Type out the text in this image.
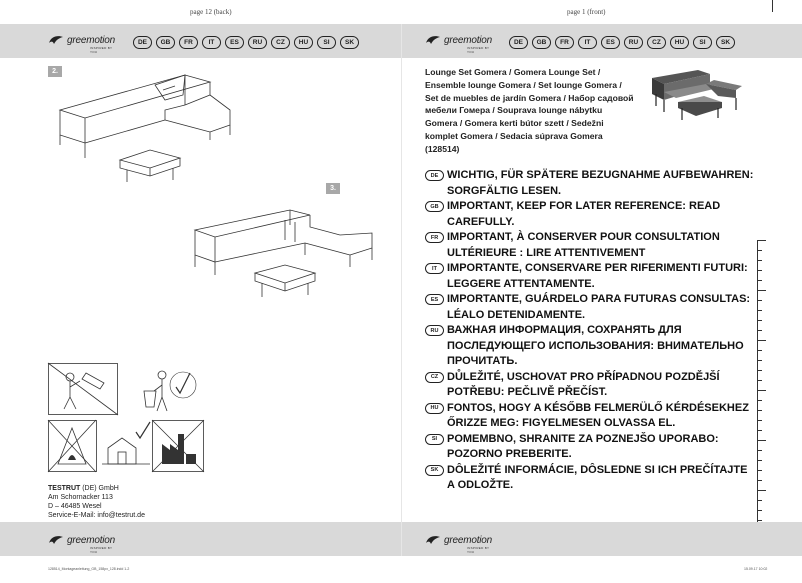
page 12 (back)	page 1 (front)
greemotion
INSPIRED BY YOU
DE	GB	FR	IT	ES	RU	CZ	HU	SI	SK	greemotion
INSPIRED BY YOU
DE	GB	FR	IT	ES	RU	CZ	HU	SI	SK
2.
3.
TESTRUT (DE) GmbH
Am Schornacker 113
D – 46485 Wesel
Service-E-Mail: info@testrut.de
greemotion
INSPIRED BY YOU
greemotion
INSPIRED BY YOU
Lounge Set Gomera / Gomera Lounge Set / Ensemble lounge Gomera / Set lounge Gomera / Set de muebles de jardín Gomera / Набор садовой мебели Гомера / Souprava lounge nábytku Gomera / Gomera kerti bútor szett / Sedežni komplet Gomera / Sedacia súprava Gomera (128514)
DE WICHTIG, FÜR SPÄTERE BEZUGNAHME AUFBEWAHREN: SORGFÄLTIG LESEN.
GB IMPORTANT, KEEP FOR LATER REFERENCE: READ CAREFULLY.
FR IMPORTANT, À CONSERVER POUR CONSULTATION ULTÉRIEURE : LIRE ATTENTIVEMENT
IT IMPORTANTE, CONSERVARE PER RIFERIMENTI FUTURI: LEGGERE ATTENTAMENTE.
ES IMPORTANTE, GUÁRDELO PARA FUTURAS CONSULTAS: LÉALO DETENIDAMENTE.
RU ВАЖНАЯ ИНФОРМАЦИЯ, СОХРАНЯТЬ ДЛЯ ПОСЛЕДУЮЩЕГО ИСПОЛЬЗОВАНИЯ: ВНИМАТЕЛЬНО ПРОЧИТАТЬ.
CZ DŮLEŽITÉ, USCHOVAT PRO PŘÍPADNOU POZDĚJŠÍ POTŘEBU: PEČLIVĚ PŘEČÍST.
HU FONTOS, HOGY A KÉSŐBB FELMERÜLŐ KÉRDÉSEKHEZ ŐRIZZE MEG: FIGYELMESEN OLVASSA EL.
SI POMEMBNO, SHRANITE ZA POZNEJŠO UPORABO: POZORNO PREBERITE.
SK DÔLEŽITÉ INFORMÁCIE, DÔSLEDNE SI ICH PREČÍTAJTE A ODLOŽTE.
128514_Montageanleitung_GB_158px_128.indd 1-2	15.09.17 10:02
